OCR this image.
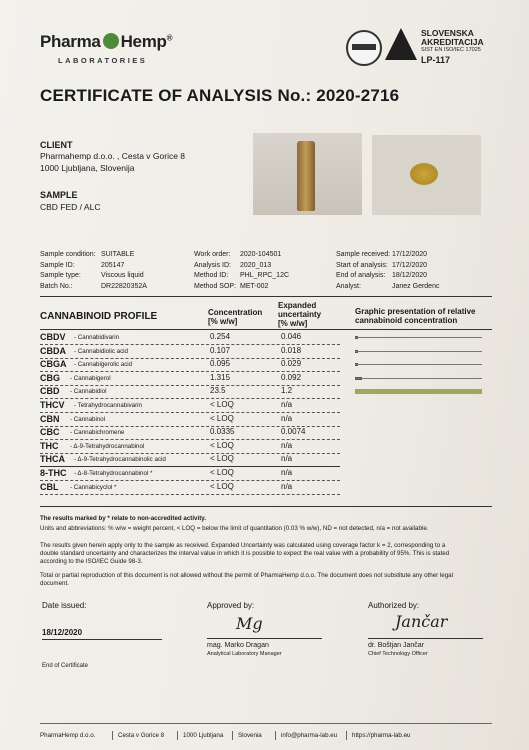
Pharma Hemp®
LABORATORIES
SLOVENSKA
AKREDITACIJA
SIST EN ISO/IEC 17025
LP-117
CERTIFICATE OF ANALYSIS No.: 2020-2716
CLIENT
Pharmahemp d.o.o. , Cesta v Gorice 8
1000 Ljubljana, Slovenija
SAMPLE
CBD FED / ALC
Sample condition: SUITABLE
Sample ID:	205147
Sample type:	Viscous liquid
Batch No.:	DR22820352A
Work order: 2020-104501
Analysis ID: 2020_013
Method ID: PHL_RPC_12C
Method SOP: MET-002
Sample received: 17/12/2020
Start of analysis: 17/12/2020
End of analysis: 18/12/2020
Analyst:	Janez Gerdenc
CANNABINOID PROFILE	Concentration
[% w/w]
Expanded
uncertainty
[% w/w]
Graphic presentation of relative
cannabinoid concentration
CBDV - Cannabidivarin	0.254	0.046
CBDA - Cannabidiolic acid	0.107	0.018
CBGA - Cannabigerolic acid	0.095	0.029
CBG - Cannabigerol	1.315	0.092
CBD - Cannabidiol	23.5	1.2
THCV - Tetrahydrocannabivarin	< LOQ	n/a
CBN - Cannabinol	< LOQ	n/a
CBC - Cannabichromene	0.0335	0.0074
THC - Δ-9-Tetrahydrocannabinol	< LOQ	n/a
THCA - Δ-9-Tetrahydrocannabinolic acid	< LOQ	n/a
8-THC - Δ-8-Tetrahydrocannabinol *	< LOQ	n/a
CBL - Cannabicyclol *	< LOQ	n/a
The results marked by * relate to non-accredited activity.
Units and abbreviations: % w/w = weight percent, < LOQ = below the limit of quantitation (0.03 % w/w), ND = not detected, n/a = not available.
The results given herein apply only to the sample as received. Expanded Uncertainty was calculated using coverage factor k = 2, corresponding to a
double standard uncertainty and characterizes the interval value in which it is possible to expect the real value with a probability of 95%. This is stated
according to the ISO/IEC Guide 98-3.
Total or partial reproduction of this document is not allowed without the permit of PharmaHemp d.o.o. The document does not substitute any other legal
document.
Date issued:
18/12/2020
Approved by:
Mg
mag. Marko Dragan
Analytical Laboratory Manager
Authorized by:
Jančar
dr. Boštjan Jančar
Chief Technology Officer
End of Certificate
PharmaHemp d.o.o.	Cesta v Gorice 8	1000 Ljubljana Slovenia	info@pharma-lab.eu https://pharma-lab.eu
